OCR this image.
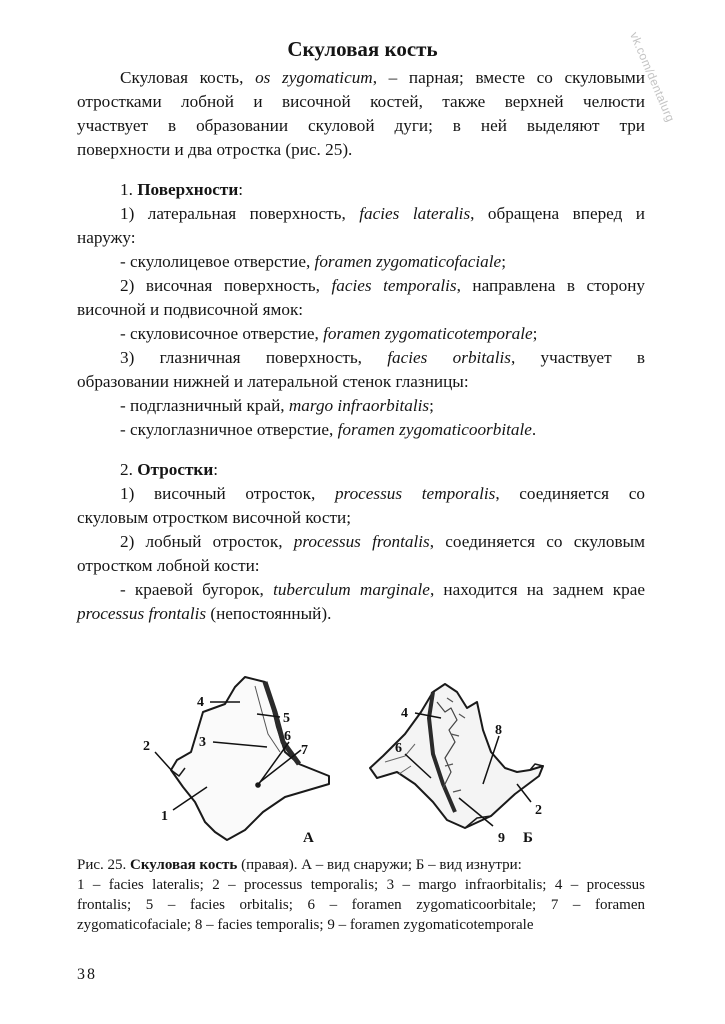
vk.com/dentalurg
Скуловая кость
Скуловая кость, os zygomaticum, – парная; вместе со скуловыми
отростками лобной и височной костей, также верхней челюсти
участвует в образовании скуловой дуги; в ней выделяют три
поверхности и два отростка (рис. 25).
1. Поверхности:
1) латеральная поверхность, facies lateralis, обращена вперед и
наружу:
- скулолицевое отверстие, foramen zygomaticofaciale;
2) височная поверхность, facies temporalis, направлена в сторону
височной и подвисочной ямок:
- скуловисочное отверстие, foramen zygomaticotemporale;
3) глазничная поверхность, facies orbitalis, участвует в
образовании нижней и латеральной стенок глазницы:
- подглазничный край, margo infraorbitalis;
- скулоглазничное отверстие, foramen zygomaticoorbitale.
2. Отростки:
1) височный отросток, processus temporalis, соединяется со
скуловым отростком височной кости;
2) лобный отросток, processus frontalis, соединяется со скуловым
отростком лобной кости:
- краевой бугорок, tuberculum marginale, находится на заднем крае
processus frontalis (непостоянный).
4
5
3	6
7
2
1
А
4
8
6
2
9 Б
Рис. 25. Скуловая кость (правая). А – вид снаружи; Б – вид изнутри:
1 – facies lateralis; 2 – processus temporalis; 3 – margo infraorbitalis; 4 – processus
frontalis; 5 – facies orbitalis; 6 – foramen zygomaticoorbitale; 7 – foramen
zygomaticofaciale; 8 – facies temporalis; 9 – foramen zygomaticotemporale
38
